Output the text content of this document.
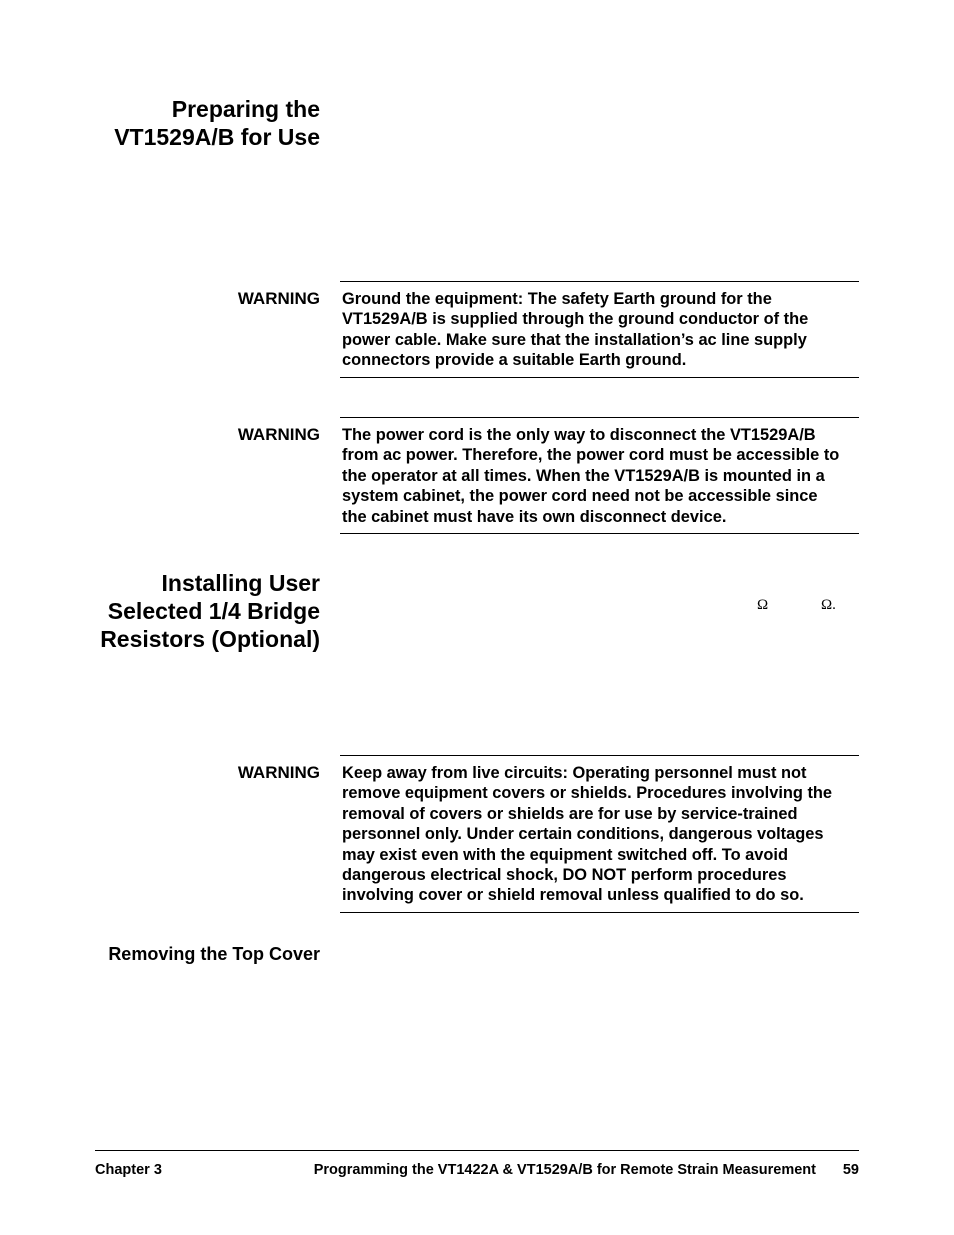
Preparing the
VT1529A/B for Use
WARNING Ground the equipment: The safety Earth ground for the
VT1529A/B is supplied through the ground conductor of the
power cable. Make sure that the installation’s ac line supply
connectors provide a suitable Earth ground.
WARNING The power cord is the only way to disconnect the VT1529A/B
from ac power. Therefore, the power cord must be accessible to
the operator at all times. When the VT1529A/B is mounted in a
system cabinet, the power cord need not be accessible since
the cabinet must have its own disconnect device.
Installing User
Selected 1/4 Bridge
Resistors (Optional)
Ω	Ω.
WARNING Keep away from live circuits: Operating personnel must not
remove equipment covers or shields. Procedures involving the
removal of covers or shields are for use by service-trained
personnel only. Under certain conditions, dangerous voltages
may exist even with the equipment switched off. To avoid
dangerous electrical shock, DO NOT perform procedures
involving cover or shield removal unless qualified to do so.
Removing the Top Cover
Chapter 3	Programming the VT1422A & VT1529A/B for Remote Strain Measurement 59
